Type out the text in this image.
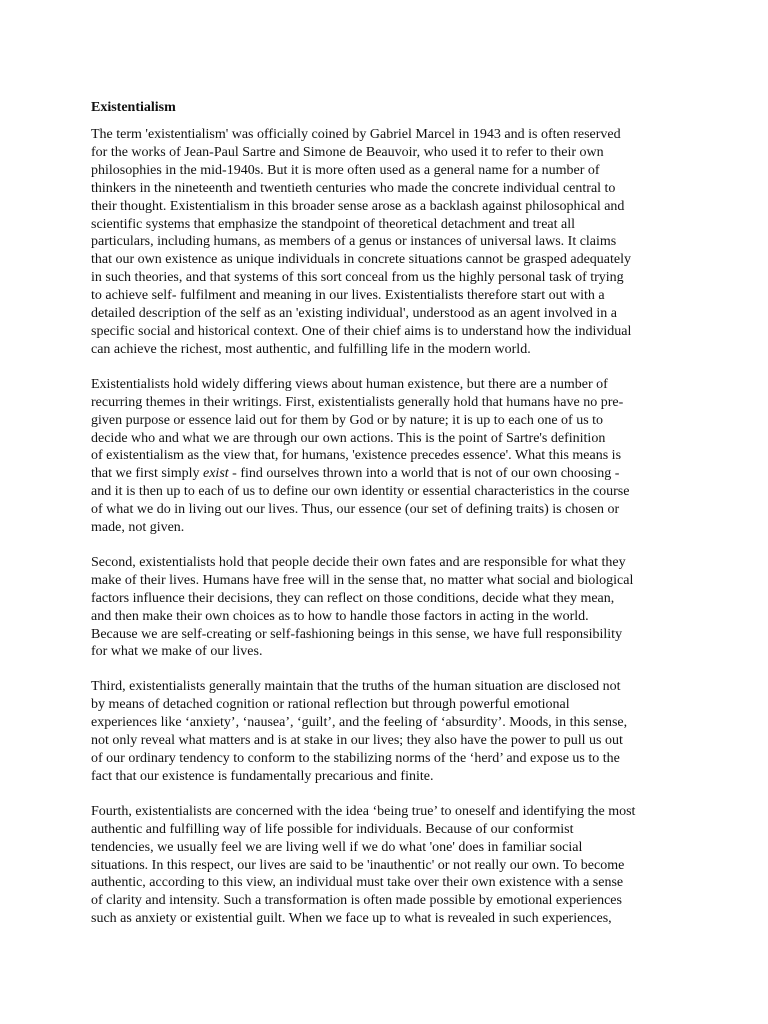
Existentialism

The term 'existentialism' was officially coined by Gabriel Marcel in 1943 and is often reserved
for the works of Jean-Paul Sartre and Simone de Beauvoir, who used it to refer to their own
philosophies in the mid-1940s. But it is more often used as a general name for a number of
thinkers in the nineteenth and twentieth centuries who made the concrete individual central to
their thought. Existentialism in this broader sense arose as a backlash against philosophical and
scientific systems that emphasize the standpoint of theoretical detachment and treat all
particulars, including humans, as members of a genus or instances of universal laws. It claims
that our own existence as unique individuals in concrete situations cannot be grasped adequately
in such theories, and that systems of this sort conceal from us the highly personal task of trying
to achieve self- fulfilment and meaning in our lives. Existentialists therefore start out with a
detailed description of the self as an 'existing individual', understood as an agent involved in a
specific social and historical context. One of their chief aims is to understand how the individual
can achieve the richest, most authentic, and fulfilling life in the modern world.

Existentialists hold widely differing views about human existence, but there are a number of
recurring themes in their writings. First, existentialists generally hold that humans have no pre-
given purpose or essence laid out for them by God or by nature; it is up to each one of us to
decide who and what we are through our own actions. This is the point of Sartre's definition
of existentialism as the view that, for humans, 'existence precedes essence'. What this means is
that we first simply exist - find ourselves thrown into a world that is not of our own choosing -
and it is then up to each of us to define our own identity or essential characteristics in the course
of what we do in living out our lives. Thus, our essence (our set of defining traits) is chosen or
made, not given.

Second, existentialists hold that people decide their own fates and are responsible for what they
make of their lives. Humans have free will in the sense that, no matter what social and biological
factors influence their decisions, they can reflect on those conditions, decide what they mean,
and then make their own choices as to how to handle those factors in acting in the world.
Because we are self-creating or self-fashioning beings in this sense, we have full responsibility
for what we make of our lives.

Third, existentialists generally maintain that the truths of the human situation are disclosed not
by means of detached cognition or rational reflection but through powerful emotional
experiences like ‘anxiety’, ‘nausea’, ‘guilt’, and the feeling of ‘absurdity’. Moods, in this sense,
not only reveal what matters and is at stake in our lives; they also have the power to pull us out
of our ordinary tendency to conform to the stabilizing norms of the ‘herd’ and expose us to the
fact that our existence is fundamentally precarious and finite.

Fourth, existentialists are concerned with the idea ‘being true’ to oneself and identifying the most
authentic and fulfilling way of life possible for individuals. Because of our conformist
tendencies, we usually feel we are living well if we do what 'one' does in familiar social
situations. In this respect, our lives are said to be 'inauthentic' or not really our own. To become
authentic, according to this view, an individual must take over their own existence with a sense
of clarity and intensity. Such a transformation is often made possible by emotional experiences
such as anxiety or existential guilt. When we face up to what is revealed in such experiences,
